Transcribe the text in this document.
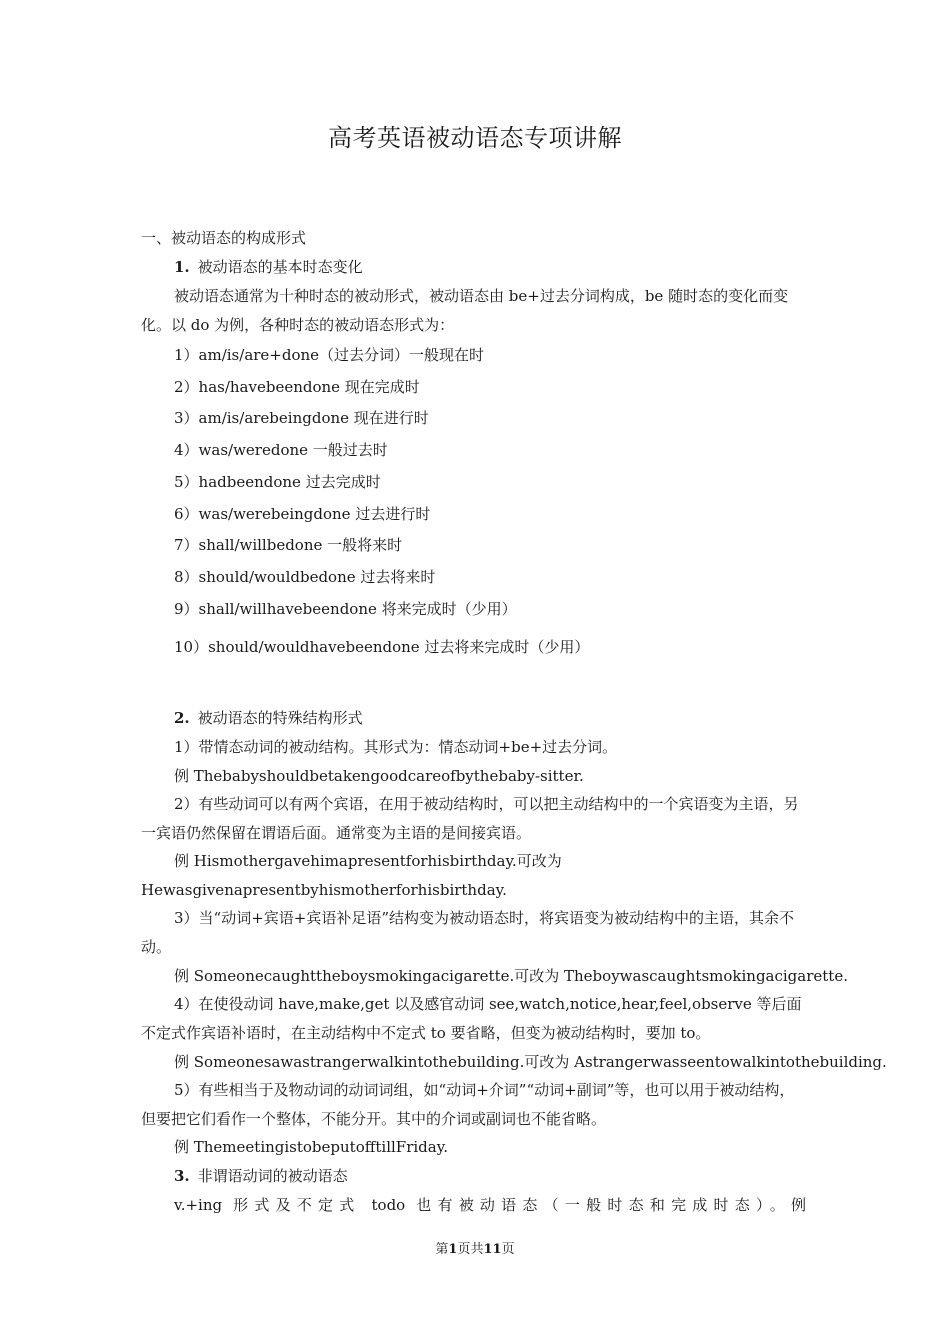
高考英语被动语态专项讲解
一、被动语态的构成形式
1. 被动语态的基本时态变化
被动语态通常为十种时态的被动形式，被动语态由 be+过去分词构成，be 随时态的变化而变化。以 do 为例，各种时态的被动语态形式为：
1）am/is/are+done（过去分词）一般现在时
2）has/havebeendone 现在完成时
3）am/is/arebeingdone 现在进行时
4）was/weredone 一般过去时
5）hadbeendone 过去完成时
6）was/werebeingdone 过去进行时
7）shall/willbedone 一般将来时
8）should/wouldbedone 过去将来时
9）shall/willhavebeendone 将来完成时（少用）
10）should/wouldhavebeendone 过去将来完成时（少用）
2. 被动语态的特殊结构形式
1）带情态动词的被动结构。其形式为：情态动词+be+过去分词。
例 Thebabyshouldbetakengoodcareofbythebaby-sitter.
2）有些动词可以有两个宾语，在用于被动结构时，可以把主动结构中的一个宾语变为主语，另一宾语仍然保留在谓语后面。通常变为主语的是间接宾语。
例 Hismothergavehimapresentforhisbirthday.可改为
Hewasgivenapresentbyhismotherforhisbirthday.
3）当“动词+宾语+宾语补足语”结构变为被动语态时，将宾语变为被动结构中的主语，其余不动。
例 Someonecaughttheboysmokingacigarette.可改为 Theboywascaughtsmokingacigarette.
4）在使役动词 have,make,get 以及感官动词 see,watch,notice,hear,feel,observe 等后面不定式作宾语补语时，在主动结构中不定式 to 要省略，但变为被动结构时，要加 to。
例 Someonesawastrangerwalkintothebuilding.可改为 Astrangerwasseentowalkintothebuilding.
5）有些相当于及物动词的动词词组，如“动词+介词”“动词+副词”等，也可以用于被动结构，但要把它们看作一个整体，不能分开。其中的介词或副词也不能省略。
例 ThemeetingistobeputofftillFriday.
3. 非谓语动词的被动语态
v.+ing 形式及不定式 todo 也有被动语态（一般时态和完成时态）。例
第1页共11页
